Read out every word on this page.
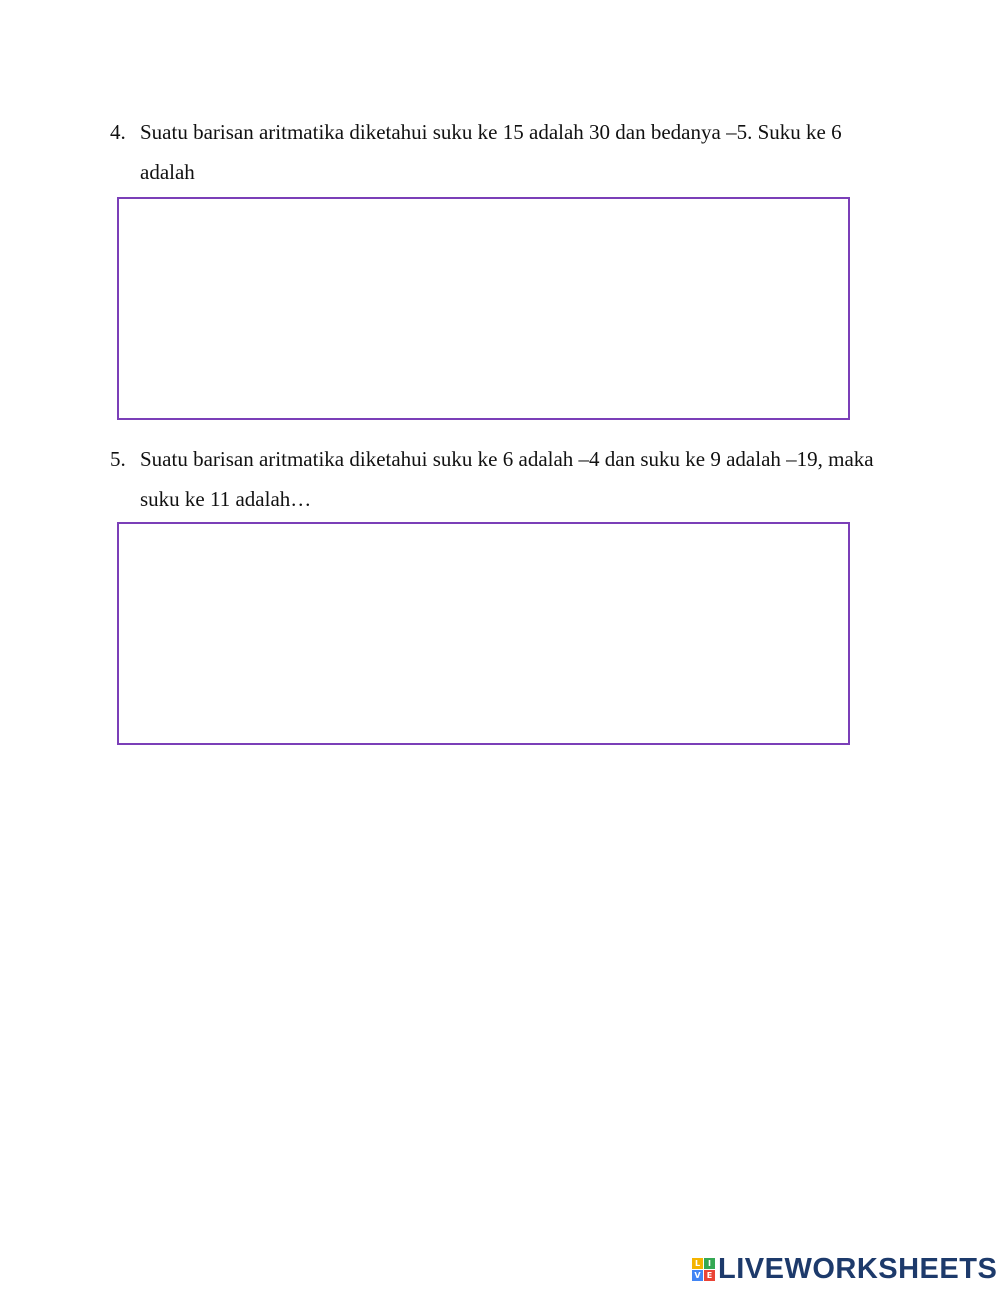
4. Suatu barisan aritmatika diketahui suku ke 15 adalah 30 dan bedanya –5. Suku ke 6 adalah
5. Suatu barisan aritmatika diketahui suku ke 6 adalah –4 dan suku ke 9 adalah –19, maka suku ke 11 adalah…
L I
V E LIVEWORKSHEETS
